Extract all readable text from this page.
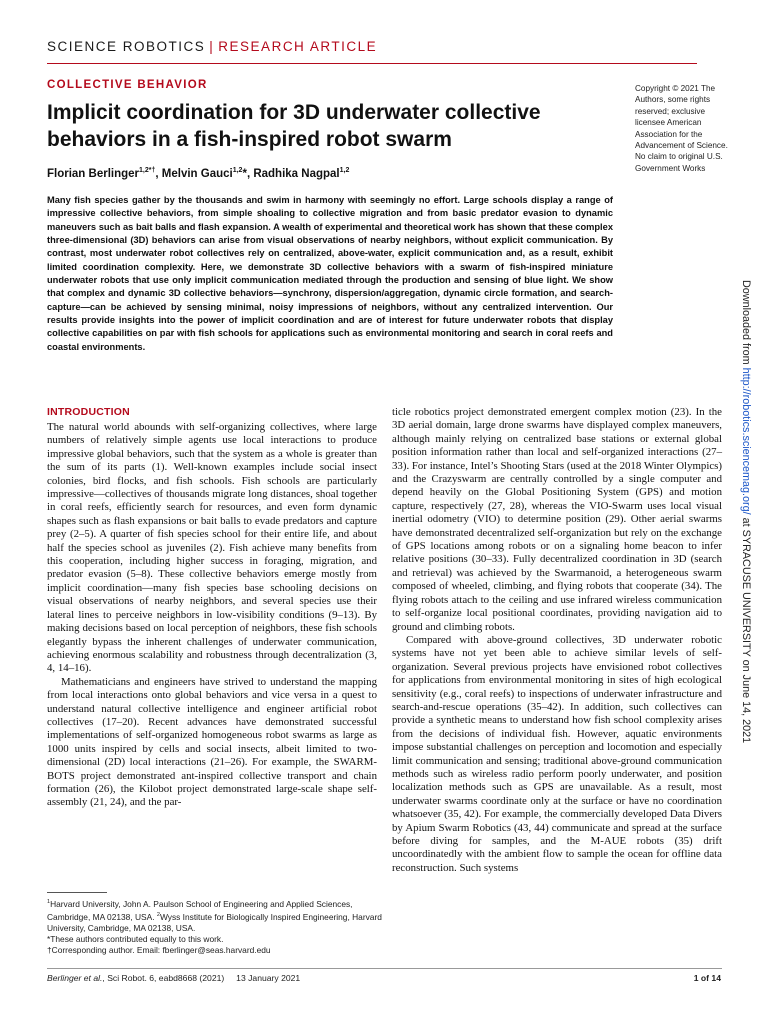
SCIENCE ROBOTICS | RESEARCH ARTICLE
COLLECTIVE BEHAVIOR
Implicit coordination for 3D underwater collective behaviors in a fish-inspired robot swarm
Florian Berlinger$^{1,2*\dagger}$, Melvin Gauci$^{1,2}$*, Radhika Nagpal$^{1,2}$
Copyright © 2021 The Authors, some rights reserved; exclusive licensee American Association for the Advancement of Science. No claim to original U.S. Government Works
Many fish species gather by the thousands and swim in harmony with seemingly no effort. Large schools display a range of impressive collective behaviors, from simple shoaling to collective migration and from basic predator evasion to dynamic maneuvers such as bait balls and flash expansion. A wealth of experimental and theoretical work has shown that these complex three-dimensional (3D) behaviors can arise from visual observations of nearby neighbors, without explicit communication. By contrast, most underwater robot collectives rely on centralized, above-water, explicit communication and, as a result, exhibit limited coordination complexity. Here, we demonstrate 3D collective behaviors with a swarm of fish-inspired miniature underwater robots that use only implicit communication mediated through the production and sensing of blue light. We show that complex and dynamic 3D collective behaviors—synchrony, dispersion/aggregation, dynamic circle formation, and search-capture—can be achieved by sensing minimal, noisy impressions of neighbors, without any centralized intervention. Our results provide insights into the power of implicit coordination and are of interest for future underwater robots that display collective capabilities on par with fish schools for applications such as environmental monitoring and search in coral reefs and coastal environments.
INTRODUCTION

The natural world abounds with self-organizing collectives, where large numbers of relatively simple agents use local interactions to produce impressive global behaviors, such that the system as a whole is greater than the sum of its parts (1). Well-known examples include social insect colonies, bird flocks, and fish schools. Fish schools are particularly impressive—collectives of thousands migrate long distances, shoal together in coral reefs, efficiently search for resources, and even form dynamic shapes such as flash expansions or bait balls to evade predators and capture prey (2–5). A quarter of fish species school for their entire life, and about half the species school as juveniles (2). Fish achieve many benefits from this cooperation, including higher success in foraging, migration, and predator evasion (5–8). These collective behaviors emerge mostly from implicit coordination—many fish species base schooling decisions on visual observations of nearby neighbors, and several species use their lateral lines to perceive neighbors in low-visibility conditions (9–13). By making decisions based on local perception of neighbors, these fish schools elegantly bypass the inherent challenges of underwater communication, achieving enormous scalability and robustness through decentralization (3, 4, 14–16).

Mathematicians and engineers have strived to understand the mapping from local interactions onto global behaviors and vice versa in a quest to understand natural collective intelligence and engineer artificial robot collectives (17–20). Recent advances have demonstrated successful implementations of self-organized homogeneous robot swarms as large as 1000 units inspired by cells and social insects, albeit limited to two-dimensional (2D) local interactions (21–26). For example, the SWARM-BOTS project demonstrated ant-inspired collective transport and chain formation (26), the Kilobot project demonstrated large-scale shape self-assembly (21, 24), and the par-

ticle robotics project demonstrated emergent complex motion (23). In the 3D aerial domain, large drone swarms have displayed complex maneuvers, although mainly relying on centralized base stations or external global position information rather than local and self-organized interactions (27–33). For instance, Intel’s Shooting Stars (used at the 2018 Winter Olympics) and the Crazyswarm are centrally controlled by a single computer and depend heavily on the Global Positioning System (GPS) and motion capture, respectively (27, 28), whereas the VIO-Swarm uses local visual inertial odometry (VIO) to determine position (29). Other aerial swarms have demonstrated decentralized self-organization but rely on the exchange of GPS locations among robots or on a signaling home beacon to infer relative positions (30–33). Fully decentralized coordination in 3D (search and retrieval) was achieved by the Swarmanoid, a heterogeneous swarm composed of wheeled, climbing, and flying robots that cooperate (34). The flying robots attach to the ceiling and use infrared wireless communication to self-organize local positional coordinates, providing navigation aid to ground and climbing robots.

Compared with above-ground collectives, 3D underwater robotic systems have not yet been able to achieve similar levels of self-organization. Several previous projects have envisioned robot collectives for applications from environmental monitoring in sites of high ecological sensitivity (e.g., coral reefs) to inspections of underwater infrastructure and search-and-rescue operations (35–42). In addition, such collectives can provide a synthetic means to understand how fish school complexity arises from the decisions of individual fish. However, aquatic environments impose substantial challenges on perception and locomotion and especially limit communication and sensing; traditional above-ground communication methods such as wireless radio perform poorly underwater, and position localization methods such as GPS are unavailable. As a result, most underwater swarms coordinate only at the surface or have no coordination whatsoever (35, 42). For example, the commercially developed Data Divers by Apium Swarm Robotics (43, 44) communicate and spread at the surface before diving for samples, and the M-AUE robots (35) drift uncoordinatedly with the ambient flow to sample the ocean for offline data reconstruction. Such systems

$^1$Harvard University, John A. Paulson School of Engineering and Applied Sciences, Cambridge, MA 02138, USA. $^2$Wyss Institute for Biologically Inspired Engineering, Harvard University, Cambridge, MA 02138, USA.

*These authors contributed equally to this work.

†Corresponding author. Email: fberlinger@seas.harvard.edu

Berlinger et al., Sci Robot. 6, eabd8668 (2021)     13 January 2021	1 of 14
Downloaded from http://robotics.sciencemag.org/ at SYRACUSE UNIVERSITY on June 14, 2021
